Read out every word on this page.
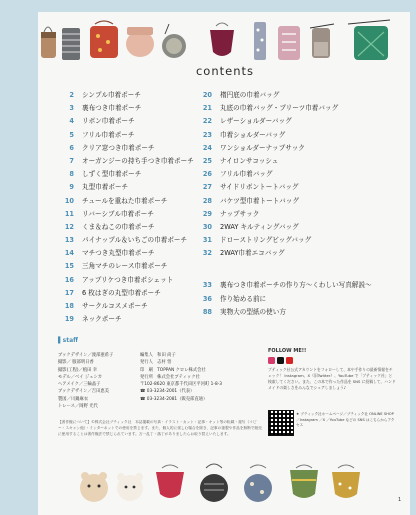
contents
2 シンプル巾着ポーチ
3 裏布つき巾着ポーチ
4 リボン巾着ポーチ
5 フリル巾着ポーチ
6 クリア窓つき巾着ポーチ
7 オーガンジーの持ち手つき巾着ポーチ
8 しずく型巾着ポーチ
9 丸型巾着ポーチ
10 チュールを重ねた巾着ポーチ
11 リバーシブル巾着ポーチ
12 くま＆ねこの巾着ポーチ
13 パイナップル＆いちごの巾着ポーチ
14 マチつき丸型巾着ポーチ
15 三角マチのレース巾着ポーチ
16 アップリケつき巾着ポシェット
17 6 枚はぎの丸型巾着ポーチ
18 サークルコスメポーチ
19 ネックポーチ
20 楕円底の巾着バッグ
21 丸底の巾着バッグ・プリーツ巾着バッグ
22 レザーショルダーバッグ
23 巾着ショルダーバッグ
24 ワンショルダーナップサック
25 ナイロンサコッシュ
26 フリル巾着バッグ
27 サイドリボントートバッグ
28 バケツ型巾着トートバッグ
29 ナップサック
30 2WAY キルティングバッグ
31 ドローストリングビッグバッグ
32 2WAY巾着エコバッグ
33 裏布つき巾着ポーチの作り方～くわしい写真解説～
36 作り始める前に
88 実物大の型紙の使い方
▌staff
ブックデザイン／渡部亜希子
撮影／ 服部明日香
撮影(工程)／植田 幸
モデル／ベイ ジェシカ
ヘアメイク／三輪晶子
ブックデザイン／吉田恵美
製図／川鍋麻衣
トレース／岡野 光代
編集人　和田 尚子
発行人　志村 悟
印　刷　TOPPAN クロレ株式会社
発行所　株式会社ブティック社
〒102-8620 東京都千代田区平河町 1-8-3
☎ 03-3234-2001（代表）
☎ 03-3234-2081（販売部直通）
FOLLOW ME!!
ブティック社公式アカウントをフォローして、本や手作りの最新情報をチェック！ Instagram、X（旧Twitter）、YouTube で「ブティック社」と検索してください。また、この本で作った作品を SNS に投稿して、ハンドメイドの楽しさをみんなでシェアしましょう♪
★ ブティック社ホームページ／ブティック社 ONLINE SHOP ／Instagram ／X ／YouTube などの SNS はこちらからアクセス
【著作権について】©株式会社ブティック社　本誌掲載の写真・イラスト・カット・記事・キット等の転載・複写（コピー・スキャン他）・インターネットでの使用を禁じます。また、個人的に楽しむ場合を除き、記事の複製や作品を無断で販売に使用することは著作権法で禁じられています。万一乱丁・落丁がありましたらお取り替えいたします。
1
